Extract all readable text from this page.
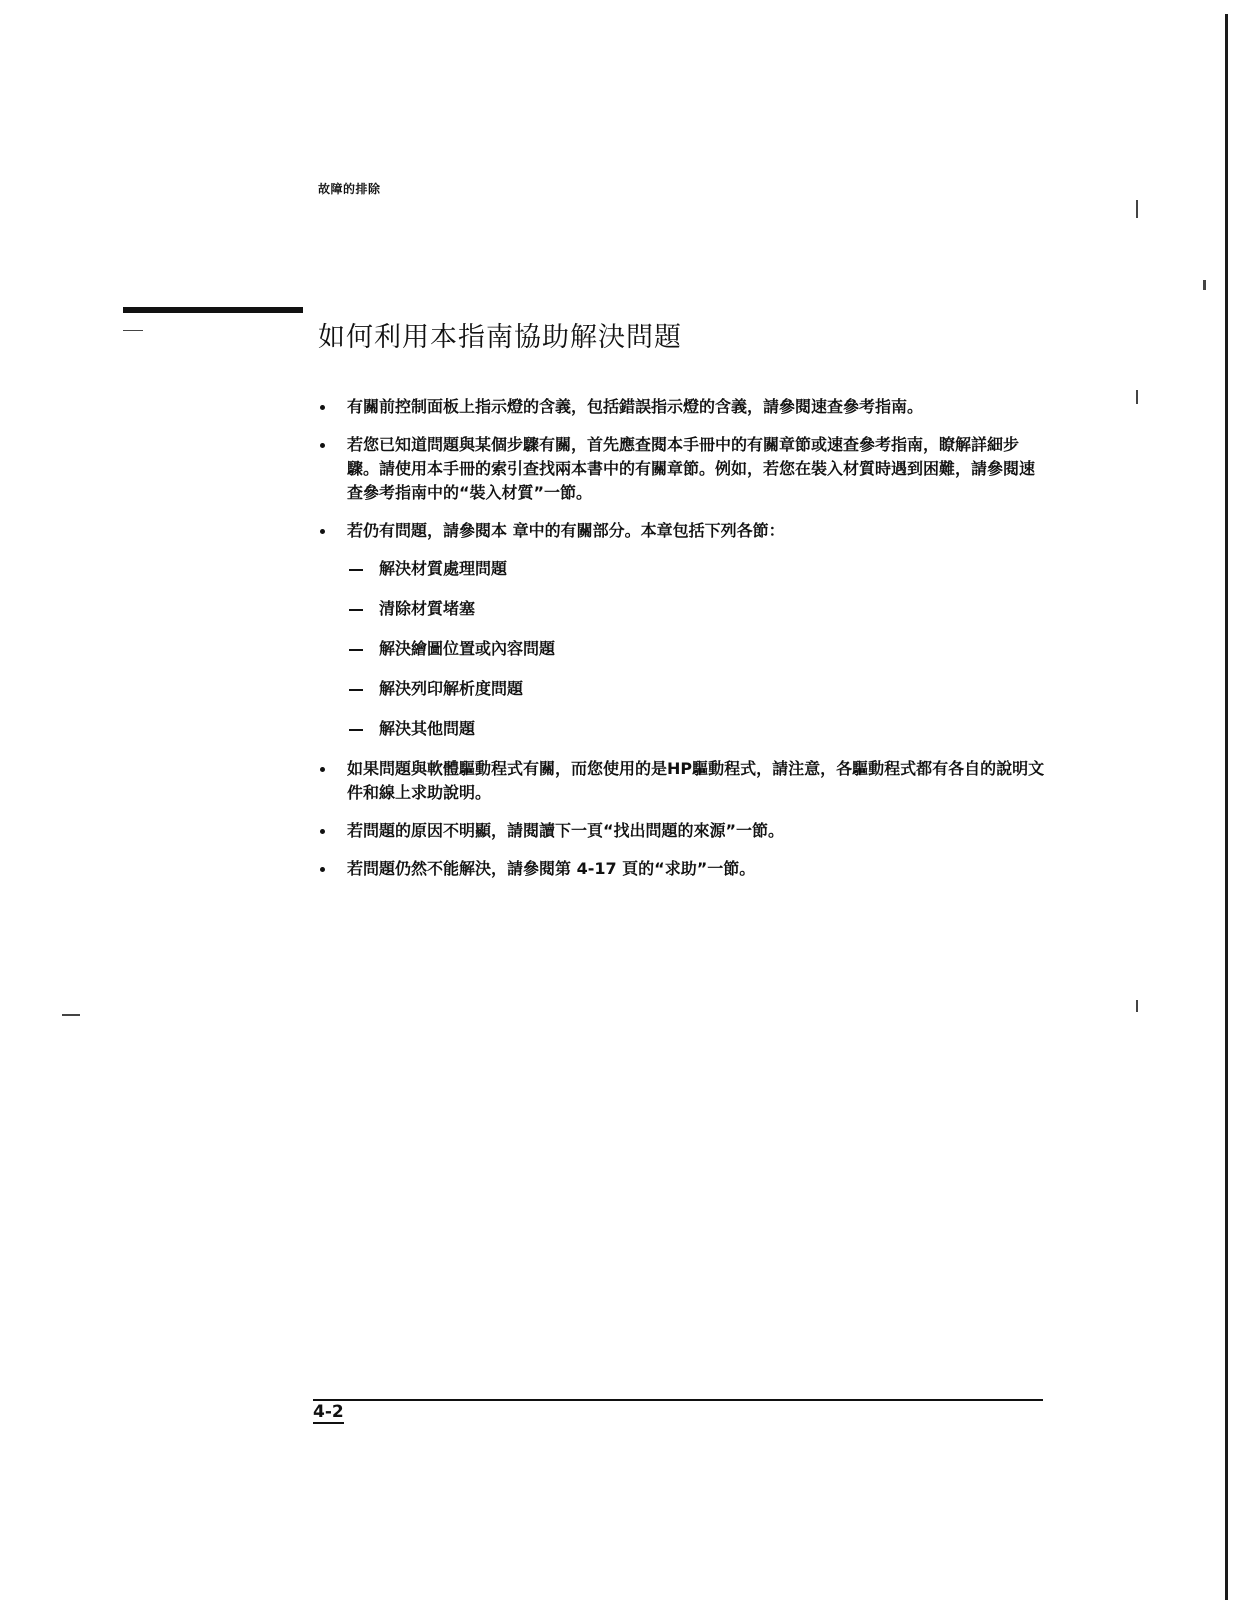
故障的排除
如何利用本指南協助解決問題
有關前控制面板上指示燈的含義，包括錯誤指示燈的含義，請參閱速查參考指南。
若您已知道問題與某個步驟有關，首先應查閱本手冊中的有關章節或速查參考指南，瞭解詳細步驟。請使用本手冊的索引查找兩本書中的有關章節。例如，若您在裝入材質時遇到困難，請參閱速查參考指南中的“裝入材質”一節。
若仍有問題，請參閱本 章中的有關部分。本章包括下列各節：
解決材質處理問題
清除材質堵塞
解決繪圖位置或內容問題
解決列印解析度問題
解決其他問題
如果問題與軟體驅動程式有關，而您使用的是HP驅動程式，請注意，各驅動程式都有各自的說明文件和線上求助說明。
若問題的原因不明顯，請閱讀下一頁“找出問題的來源”一節。
若問題仍然不能解決，請參閱第 4-17 頁的“求助”一節。
4-2
